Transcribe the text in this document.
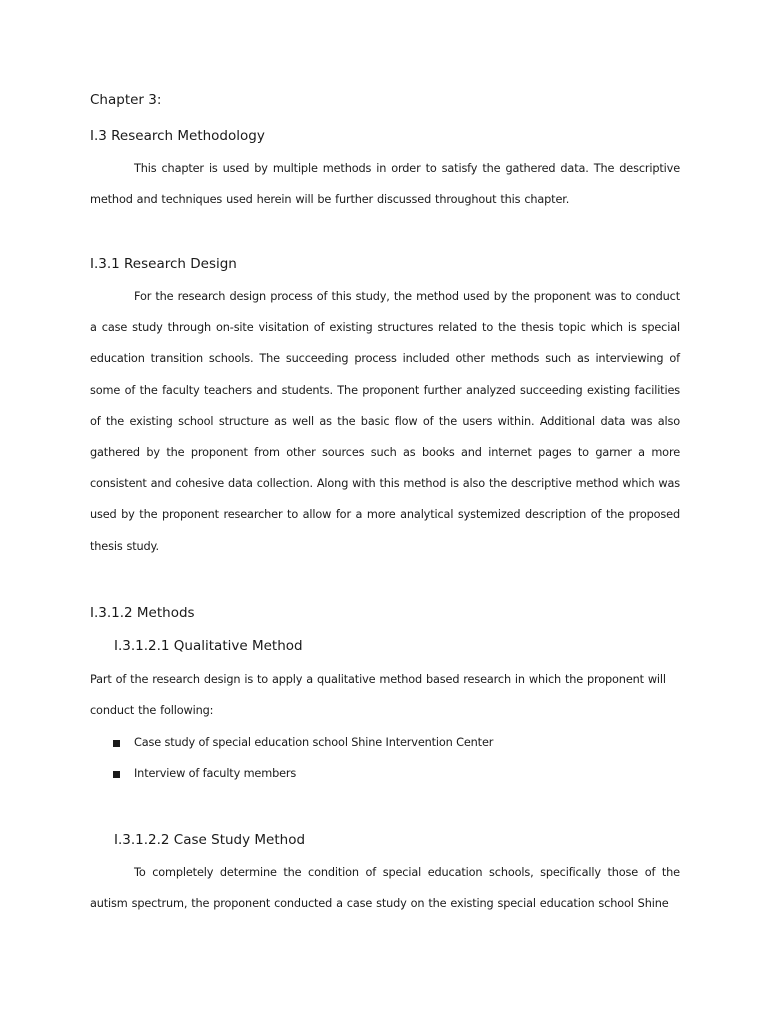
Chapter 3:
I.3 Research Methodology

This chapter is used by multiple methods in order to satisfy the gathered data. The descriptive method and techniques used herein will be further discussed throughout this chapter.

I.3.1 Research Design

For the research design process of this study, the method used by the proponent was to conduct a case study through on-site visitation of existing structures related to the thesis topic which is special education transition schools. The succeeding process included other methods such as interviewing of some of the faculty teachers and students. The proponent further analyzed succeeding existing facilities of the existing school structure as well as the basic flow of the users within. Additional data was also gathered by the proponent from other sources such as books and internet pages to garner a more consistent and cohesive data collection. Along with this method is also the descriptive method which was used by the proponent researcher to allow for a more analytical systemized description of the proposed thesis study.

I.3.1.2 Methods
I.3.1.2.1 Qualitative Method

Part of the research design is to apply a qualitative method based research in which the proponent will conduct the following:

Case study of special education school Shine Intervention Center
Interview of faculty members
I.3.1.2.2 Case Study Method

To completely determine the condition of special education schools, specifically those of the autism spectrum, the proponent conducted a case study on the existing special education school Shine
